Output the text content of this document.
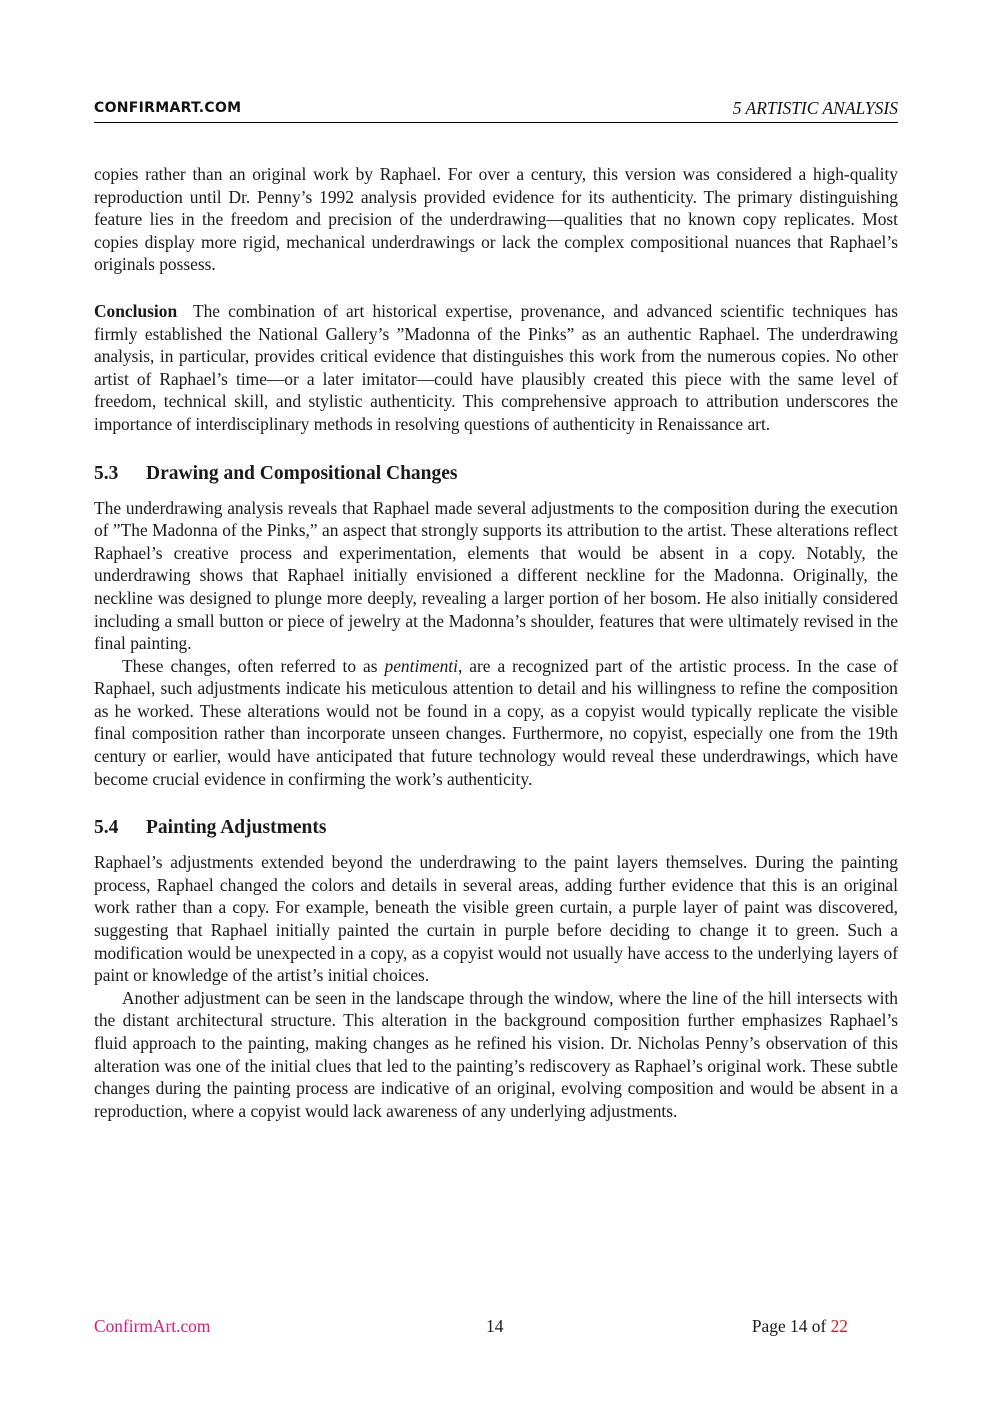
CONFIRMART.COM	5 ARTISTIC ANALYSIS

copies rather than an original work by Raphael. For over a century, this version was considered a high-quality reproduction until Dr. Penny’s 1992 analysis provided evidence for its authenticity. The primary distinguishing feature lies in the freedom and precision of the underdrawing—qualities that no known copy replicates. Most copies display more rigid, mechanical underdrawings or lack the complex compositional nuances that Raphael’s originals possess.

Conclusion The combination of art historical expertise, provenance, and advanced scientific techniques has firmly established the National Gallery’s ”Madonna of the Pinks” as an authentic Raphael. The underdrawing analysis, in particular, provides critical evidence that distinguishes this work from the numerous copies. No other artist of Raphael’s time—or a later imitator—could have plausibly created this piece with the same level of freedom, technical skill, and stylistic authenticity. This comprehensive approach to attribution underscores the importance of interdisciplinary methods in resolving questions of authenticity in Renaissance art.

5.3 Drawing and Compositional Changes

The underdrawing analysis reveals that Raphael made several adjustments to the composition during the execution of ”The Madonna of the Pinks,” an aspect that strongly supports its attribution to the artist. These alterations reflect Raphael’s creative process and experimentation, elements that would be absent in a copy. Notably, the underdrawing shows that Raphael initially envisioned a different neckline for the Madonna. Originally, the neckline was designed to plunge more deeply, revealing a larger portion of her bosom. He also initially considered including a small button or piece of jewelry at the Madonna’s shoulder, features that were ultimately revised in the final painting.

These changes, often referred to as pentimenti, are a recognized part of the artistic process. In the case of Raphael, such adjustments indicate his meticulous attention to detail and his willingness to refine the composition as he worked. These alterations would not be found in a copy, as a copyist would typically replicate the visible final composition rather than incorporate unseen changes. Furthermore, no copyist, especially one from the 19th century or earlier, would have anticipated that future technology would reveal these underdrawings, which have become crucial evidence in confirming the work’s authenticity.

5.4 Painting Adjustments

Raphael’s adjustments extended beyond the underdrawing to the paint layers themselves. During the painting process, Raphael changed the colors and details in several areas, adding further evidence that this is an original work rather than a copy. For example, beneath the visible green curtain, a purple layer of paint was discovered, suggesting that Raphael initially painted the curtain in purple before deciding to change it to green. Such a modification would be unexpected in a copy, as a copyist would not usually have access to the underlying layers of paint or knowledge of the artist’s initial choices.

Another adjustment can be seen in the landscape through the window, where the line of the hill intersects with the distant architectural structure. This alteration in the background composition further emphasizes Raphael’s fluid approach to the painting, making changes as he refined his vision. Dr. Nicholas Penny’s observation of this alteration was one of the initial clues that led to the painting’s rediscovery as Raphael’s original work. These subtle changes during the painting process are indicative of an original, evolving composition and would be absent in a reproduction, where a copyist would lack awareness of any underlying adjustments.

ConfirmArt.com	14	Page 14 of 22
